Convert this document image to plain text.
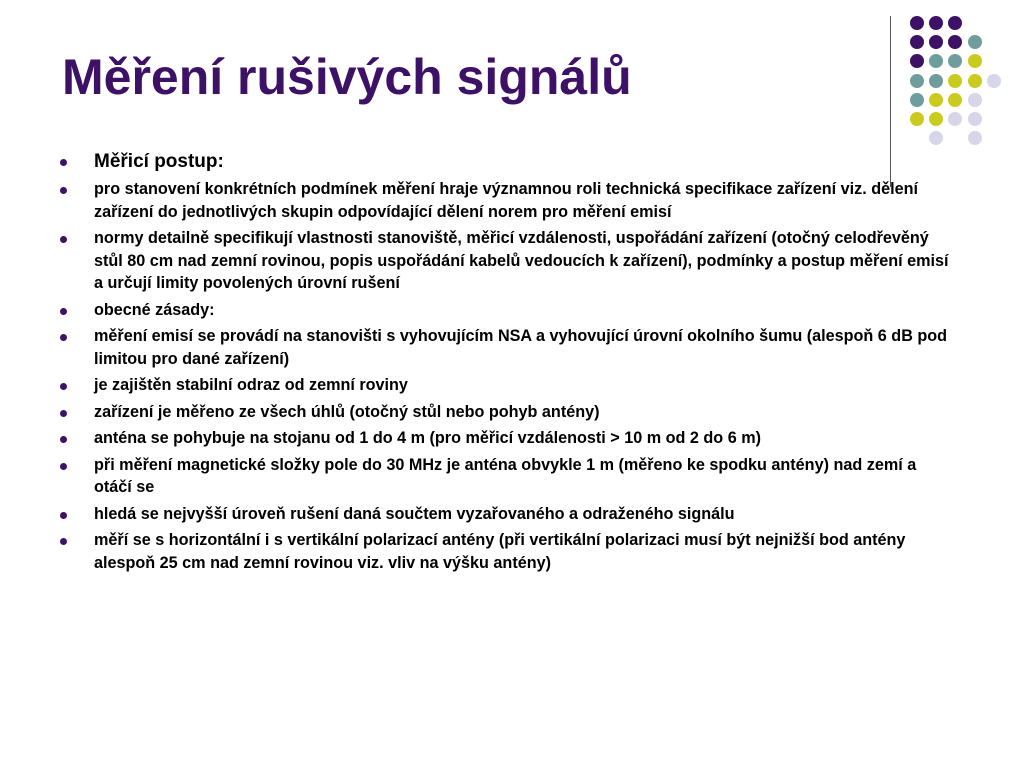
Měření rušivých signálů
Měřicí postup:
pro stanovení konkrétních podmínek měření hraje významnou roli technická specifikace zařízení viz. dělení zařízení do jednotlivých skupin odpovídající dělení norem pro měření emisí
normy detailně specifikují vlastnosti stanoviště, měřicí vzdálenosti, uspořádání zařízení (otočný celodřevěný stůl 80 cm nad zemní rovinou, popis uspořádání kabelů vedoucích k zařízení), podmínky a postup měření emisí a určují limity povolených úrovní rušení
obecné zásady:
měření emisí se provádí na stanovišti s vyhovujícím NSA a vyhovující úrovní okolního šumu (alespoň 6 dB pod limitou pro dané zařízení)
je zajištěn stabilní odraz od zemní roviny
zařízení je měřeno ze všech úhlů (otočný stůl nebo pohyb antény)
anténa se pohybuje na stojanu od 1 do 4 m (pro měřicí vzdálenosti > 10 m od 2 do 6 m)
při měření magnetické složky pole do 30 MHz je anténa obvykle 1 m (měřeno ke spodku antény) nad zemí a otáčí se
hledá se nejvyšší úroveň rušení daná součtem vyzařovaného a odraženého signálu
měří se s horizontální i s vertikální polarizací antény (při vertikální polarizaci musí být nejnižší bod antény alespoň 25 cm nad zemní rovinou viz. vliv na výšku antény)
